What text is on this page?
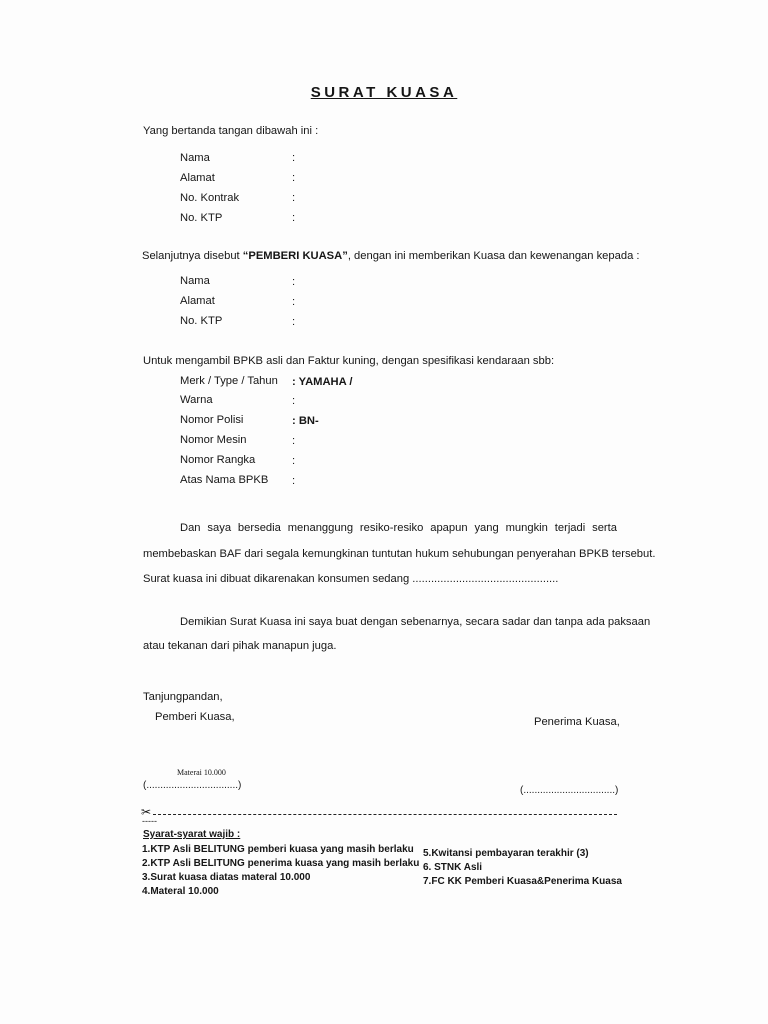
SURAT KUASA
Yang bertanda tangan dibawah ini :
Nama	:
Alamat	:
No. Kontrak	:
No. KTP	:
Selanjutnya disebut “PEMBERI KUASA”, dengan ini memberikan Kuasa dan kewenangan kepada :
Nama	:
Alamat	:
No. KTP	:
Untuk mengambil BPKB asli dan Faktur kuning, dengan spesifikasi kendaraan sbb:
Merk / Type / Tahun : YAMAHA /
Warna	:
Nomor Polisi	: BN-
Nomor Mesin	:
Nomor Rangka	:
Atas Nama BPKB :
Dan saya bersedia menanggung resiko-resiko apapun yang mungkin terjadi serta
membebaskan BAF dari segala kemungkinan tuntutan hukum sehubungan penyerahan BPKB tersebut.
Surat kuasa ini dibuat dikarenakan konsumen sedang ...............................................
Demikian Surat Kuasa ini saya buat dengan sebenarnya, secara sadar dan tanpa ada paksaan
atau tekanan dari pihak manapun juga.
Tanjungpandan,
Pemberi Kuasa,	Penerima Kuasa,
Materai 10.000
(.................................)	(.................................)
✂
-----
Syarat-syarat wajib :
1.KTP Asli BELITUNG pemberi kuasa yang masih berlaku
2.KTP Asli BELITUNG penerima kuasa yang masih berlaku
3.Surat kuasa diatas materal 10.000
4.Materal 10.000
5.Kwitansi pembayaran terakhir (3)
6. STNK Asli
7.FC KK Pemberi Kuasa&Penerima Kuasa
